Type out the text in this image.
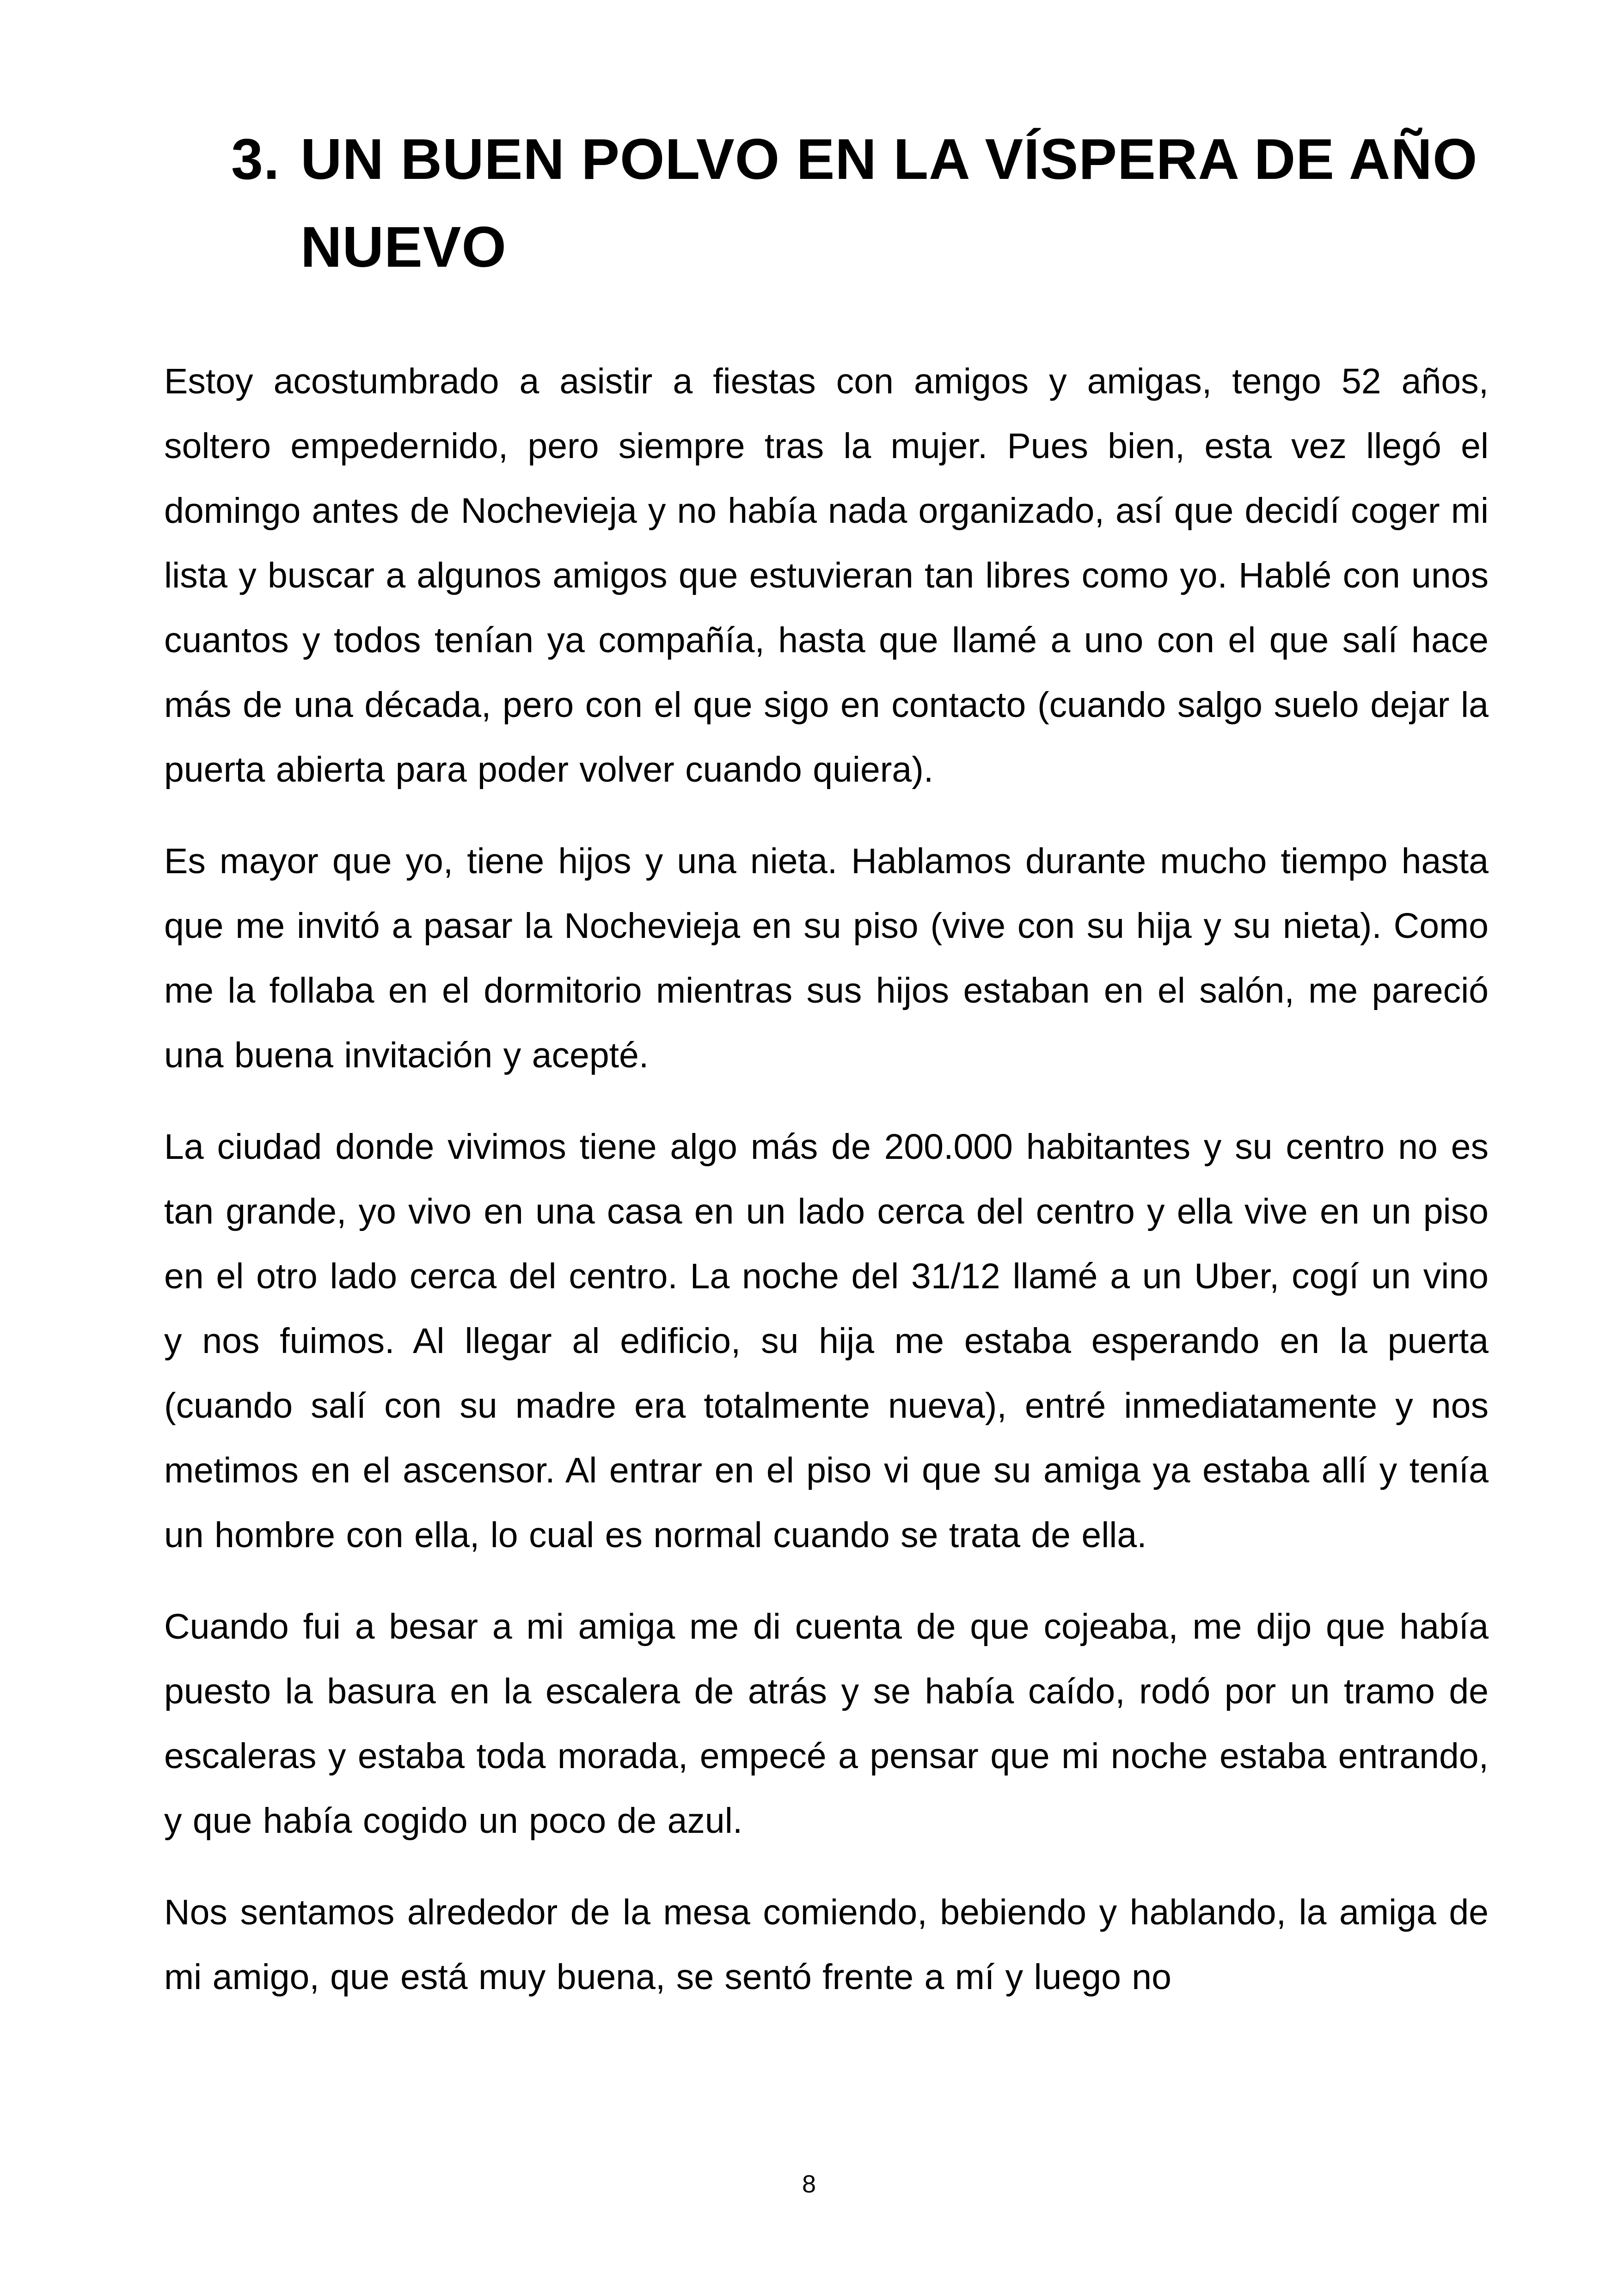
3. UN BUEN POLVO EN LA VÍSPERA DE AÑO
NUEVO

Estoy acostumbrado a asistir a fiestas con amigos y amigas, tengo 52 años, soltero empedernido, pero siempre tras la mujer. Pues bien, esta vez llegó el domingo antes de Nochevieja y no había nada organizado, así que decidí coger mi lista y buscar a algunos amigos que estuvieran tan libres como yo. Hablé con unos cuantos y todos tenían ya compañía, hasta que llamé a uno con el que salí hace más de una década, pero con el que sigo en contacto (cuando salgo suelo dejar la puerta abierta para poder volver cuando quiera).

Es mayor que yo, tiene hijos y una nieta. Hablamos durante mucho tiempo hasta que me invitó a pasar la Nochevieja en su piso (vive con su hija y su nieta). Como me la follaba en el dormitorio mientras sus hijos estaban en el salón, me pareció una buena invitación y acepté.

La ciudad donde vivimos tiene algo más de 200.000 habitantes y su centro no es tan grande, yo vivo en una casa en un lado cerca del centro y ella vive en un piso en el otro lado cerca del centro. La noche del 31/12 llamé a un Uber, cogí un vino y nos fuimos. Al llegar al edificio, su hija me estaba esperando en la puerta (cuando salí con su madre era totalmente nueva), entré inmediatamente y nos metimos en el ascensor. Al entrar en el piso vi que su amiga ya estaba allí y tenía un hombre con ella, lo cual es normal cuando se trata de ella.

Cuando fui a besar a mi amiga me di cuenta de que cojeaba, me dijo que había puesto la basura en la escalera de atrás y se había caído, rodó por un tramo de escaleras y estaba toda morada, empecé a pensar que mi noche estaba entrando, y que había cogido un poco de azul.

Nos sentamos alrededor de la mesa comiendo, bebiendo y hablando, la amiga de mi amigo, que está muy buena, se sentó frente a mí y luego no

8
